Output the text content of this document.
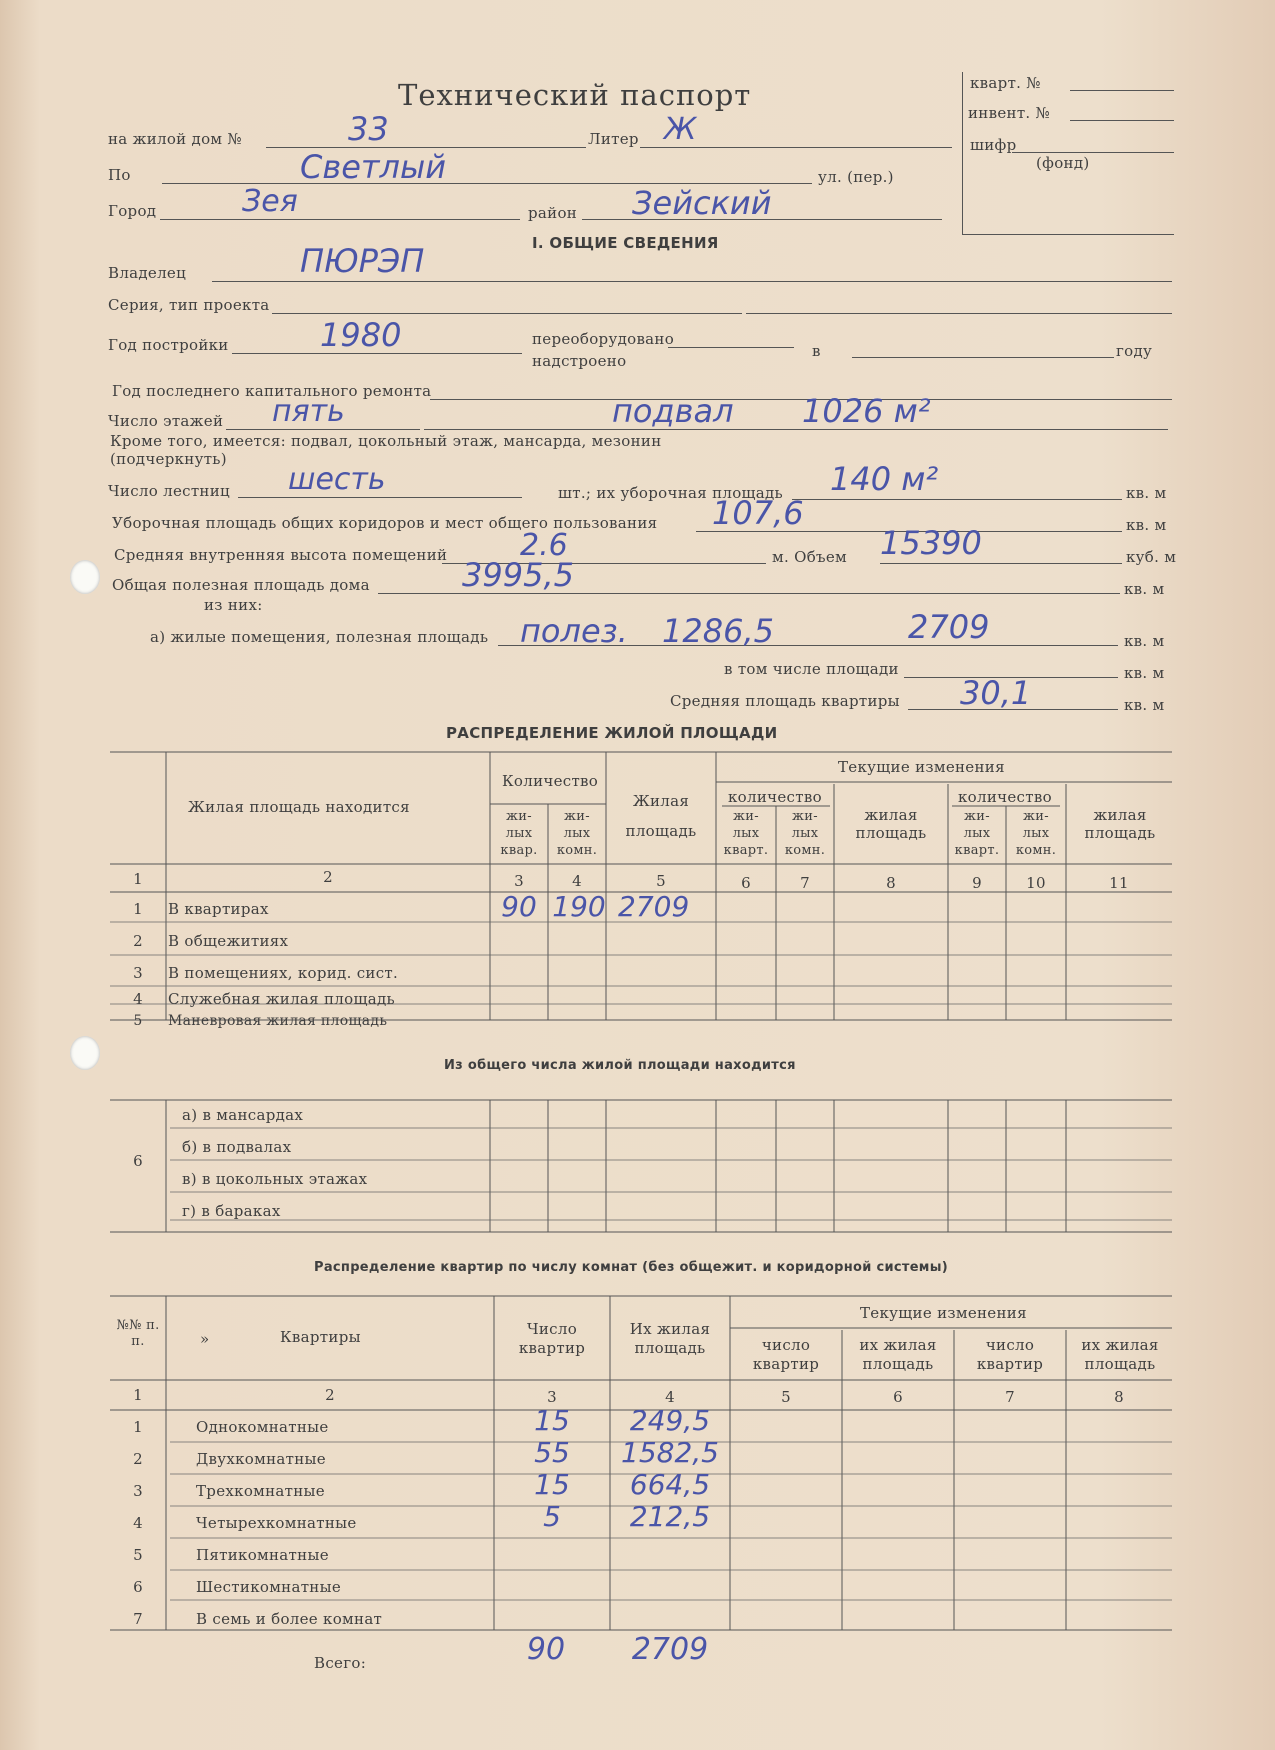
Технический паспорт	кварт. №
инвент. №
шифр
(фонд)
на жилой дом №	33	Литер Ж
По	Светлый	ул. (пер.)
Город	Зея	район Зейский
I. ОБЩИЕ СВЕДЕНИЯ
Владелец	ПЮРЭП
Серия, тип проекта
Год постройки	1980	переоборудовано
надстроено
в	году
Год последнего капитального ремонта
Число этажей пять	подвал 1026 м²
Кроме того, имеется: подвал, цокольный этаж, мансарда, мезонин
(подчеркнуть)
Число лестниц шесть	шт.; их уборочная площадь 140 м²	кв. м
Уборочная площадь общих коридоров и мест общего пользования 107,6	кв. м
Средняя внутренняя высота помещений 2.6	м. Объем 15390	куб. м
Общая полезная площадь дома	3995,5	кв. м
из них:
а) жилые помещения, полезная площадь полез. 1286,5	2709	кв. м
в том числе площади	кв. м
Средняя площадь квартиры 30,1	кв. м
РАСПРЕДЕЛЕНИЕ ЖИЛОЙ ПЛОЩАДИ
Жилая площадь находится
Количество
жи- лых квар.
жи- лых комн.
Жилая площадь
Текущие изменения
количество	количество
жи- лых кварт.
жи- лых комн.
жилая площадь
жи- лых кварт.
жи- лых комн.
жилая площадь
1	2	3	4	5	6	7	8	9	10	11
1	В квартирах	90 190 2709
2	В общежитиях
3	В помещениях, корид. сист.
4	Служебная жилая площадь
5	Маневровая жилая площадь
Из общего числа жилой площади находится
6
а) в мансардах
б) в подвалах
в) в цокольных этажах
г) в бараках
Распределение квартир по числу комнат (без общежит. и коридорной системы)
№№ п. п.	»	Квартиры	Число квартир
Их жилая площадь
Текущие изменения
число квартир
их жилая площадь
число квартир
их жилая площадь
1	2	3	4	5	6	7	8
1	Однокомнатные	15	249,5
2	Двухкомнатные	55	1582,5
3	Трехкомнатные	15	664,5
4	Четырехкомнатные	5	212,5
5	Пятикомнатные
6	Шестикомнатные
7	В семь и более комнат
Всего:	90	2709
